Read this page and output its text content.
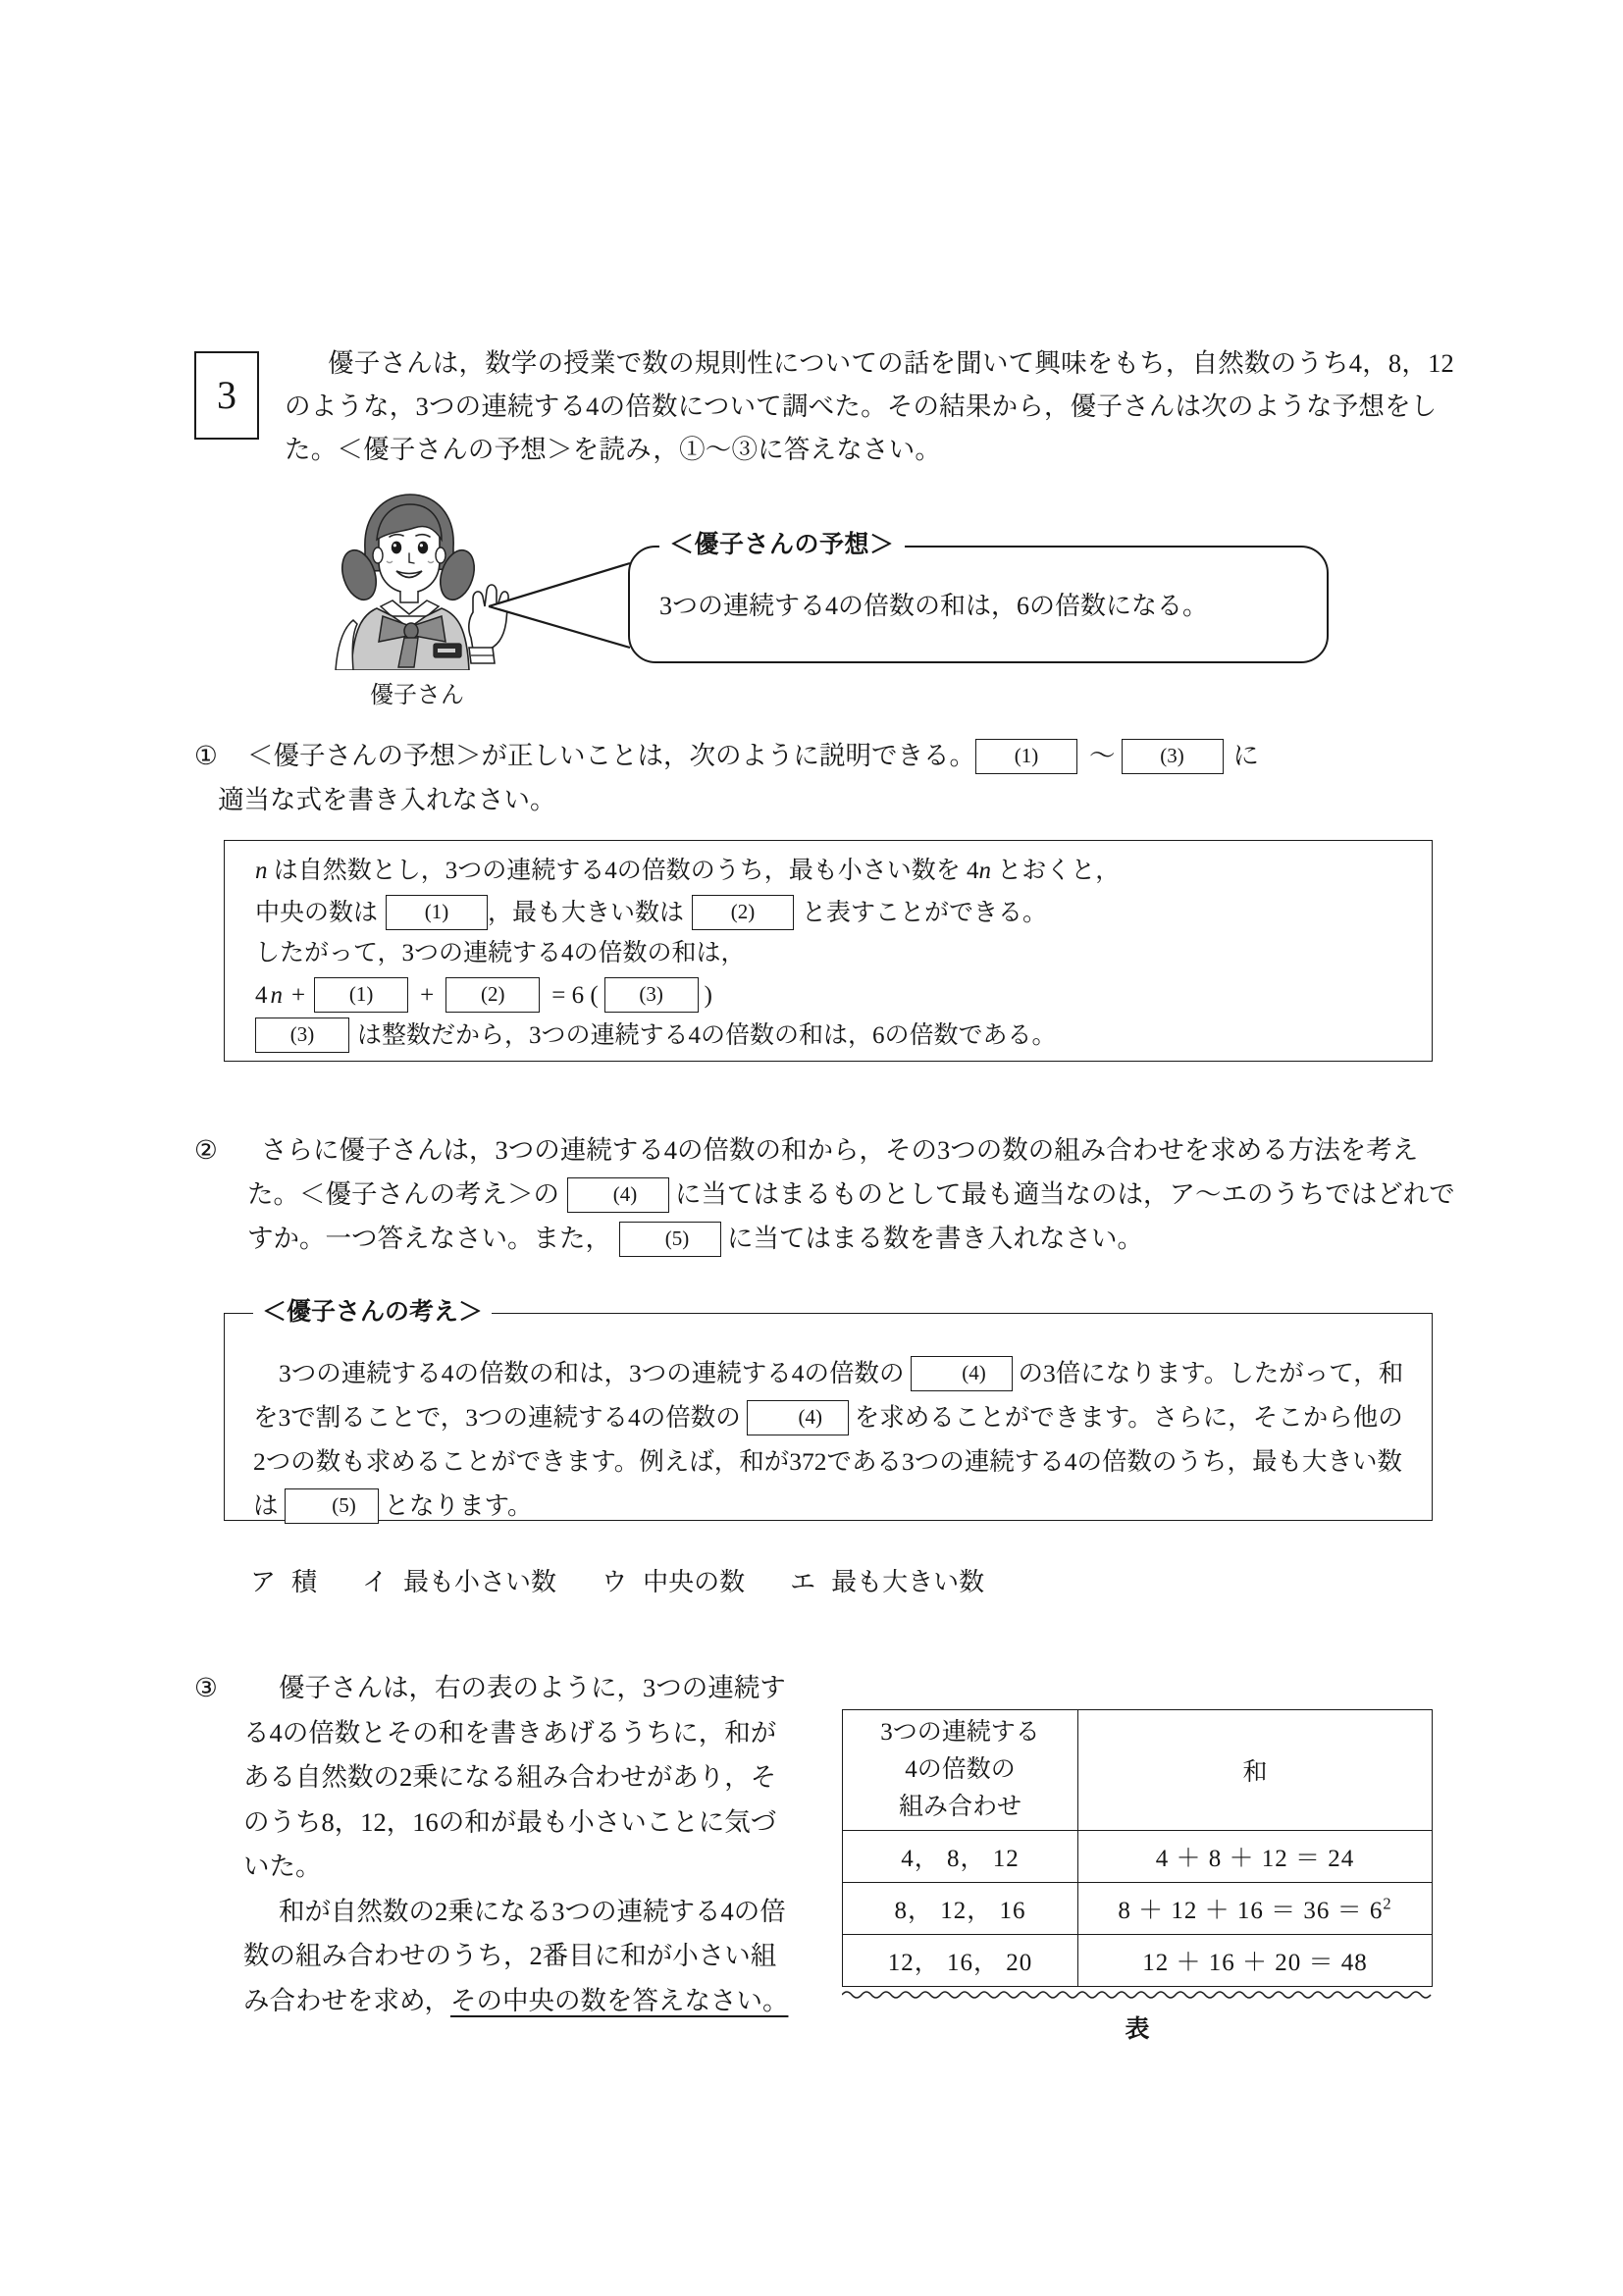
3
優子さんは，数学の授業で数の規則性についての話を聞いて興味をもち，自然数のうち4，8，12のような，3つの連続する4の倍数について調べた。その結果から，優子さんは次のような予想をした。＜優子さんの予想＞を読み，①～③に答えなさい。
優子さん
＜優子さんの予想＞
3つの連続する4の倍数の和は，6の倍数になる。
① ＜優子さんの予想＞が正しいことは，次のように説明できる。 (1) ～ (3) に
適当な式を書き入れなさい。
n は自然数とし，3つの連続する4の倍数のうち，最も小さい数を 4n とおくと，
中央の数は (1) ，最も大きい数は (2) と表すことができる。
したがって，3つの連続する4の倍数の和は，
4 n + (1) + (2) = 6 ( (3) )
(3) は整数だから，3つの連続する4の倍数の和は，6の倍数である。
②	さらに優子さんは，3つの連続する4の倍数の和から，その3つの数の組み合わせを求める方法を考えた。＜優子さんの考え＞の	(4) に当てはまるものとして最も適当なのは，ア～エのうちではどれですか。一つ答えなさい。また，	(5) に当てはまる数を書き入れなさい。
＜優子さんの考え＞
3つの連続する4の倍数の和は，3つの連続する4の倍数の	(4) の3倍になります。したがって，和を3で割ることで，3つの連続する4の倍数の	(4) を求めることができます。さらに，そこから他の2つの数も求めることができます。例えば，和が372である3つの連続する4の倍数のうち，最も大きい数は	(5) となります。
ア 積 イ 最も小さい数 ウ 中央の数 エ 最も大きい数
③	優子さんは，右の表のように，3つの連続する4の倍数とその和を書きあげるうちに，和がある自然数の2乗になる組み合わせがあり，そのうち8，12，16の和が最も小さいことに気づいた。
和が自然数の2乗になる3つの連続する4の倍数の組み合わせのうち，2番目に和が小さい組み合わせを求め，その中央の数を答えなさい。
3つの連続する
4の倍数の
組み合わせ	和
4， 8， 12	4 ＋ 8 ＋ 12 ＝ 24
8， 12， 16	$8 + 12 + 16 = 36 = 6^2$
12， 16， 20	12 ＋ 16 ＋ 20 ＝ 48
表
